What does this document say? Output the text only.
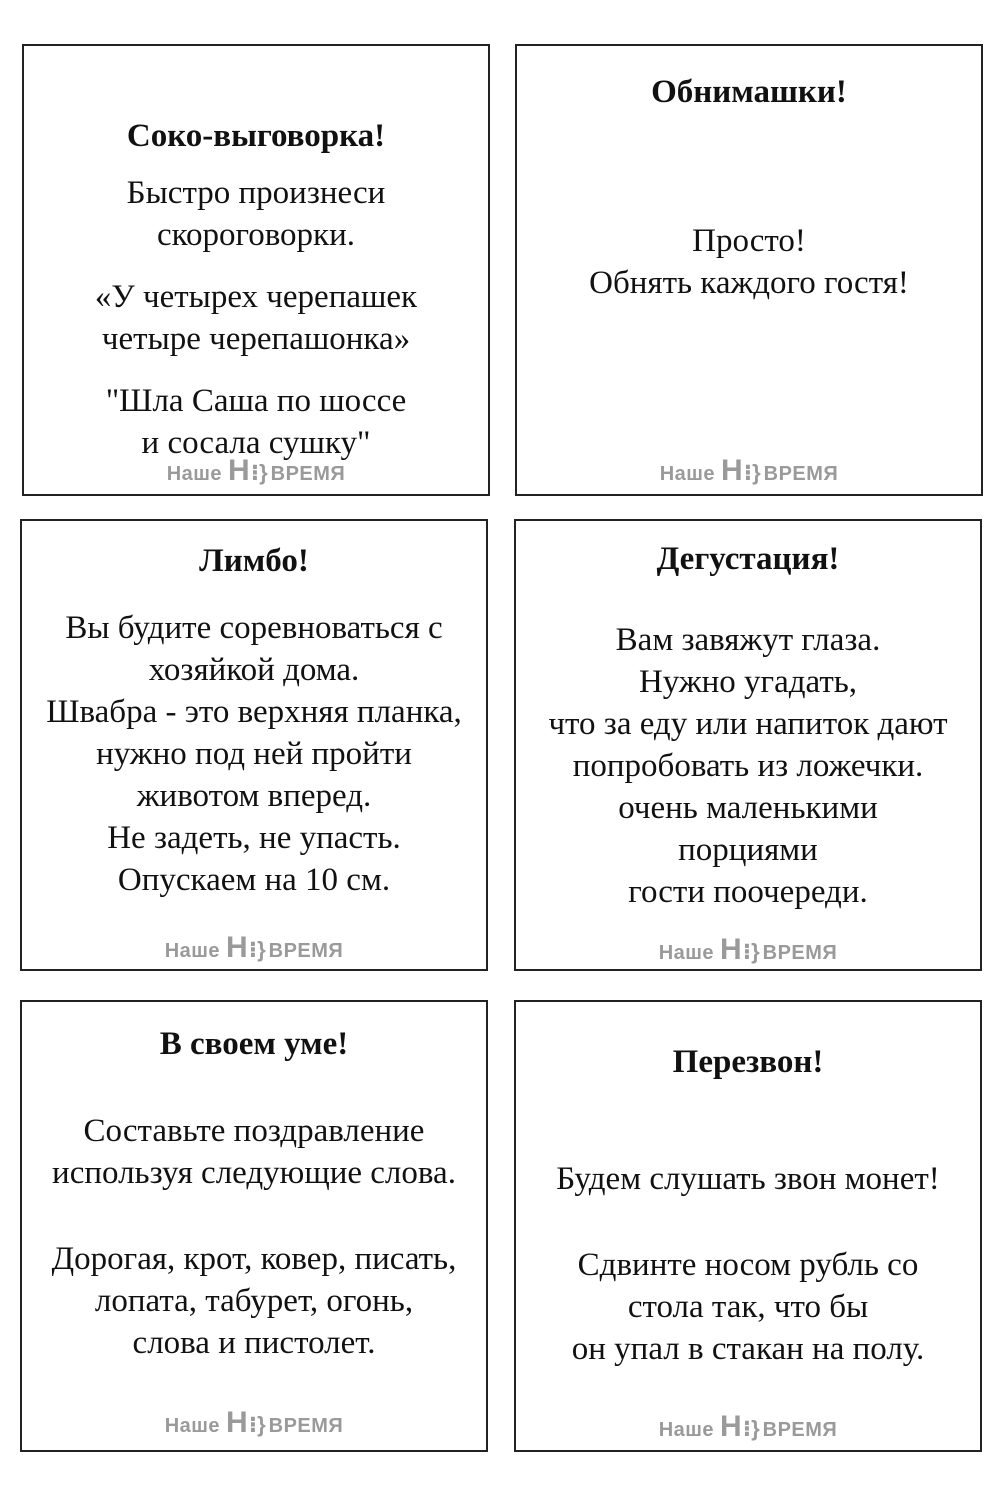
Соко-выговорка!
Быстро произнеси
скороговорки.
«У четырех черепашек
четыре черепашонка»
"Шла Саша по шоссе
и сосала сушку"
Наше Н⁝} ВРЕМЯ
Обнимашки!
Просто!
Обнять каждого гостя!
Наше Н⁝} ВРЕМЯ
Лимбо!
Вы будите соревноваться с
хозяйкой дома.
Швабра - это верхняя планка,
нужно под ней пройти
животом вперед.
Не задеть, не упасть.
Опускаем на 10 см.
Наше Н⁝} ВРЕМЯ
Дегустация!
Вам завяжут глаза.
Нужно угадать,
что за еду или напиток дают
попробовать из ложечки.
очень маленькими
порциями
гости поочереди.
Наше Н⁝} ВРЕМЯ
В своем уме!
Составьте поздравление
используя следующие слова.
Дорогая, крот, ковер, писать,
лопата, табурет, огонь,
слова и пистолет.
Наше Н⁝} ВРЕМЯ
Перезвон!
Будем слушать звон монет!
Сдвинте носом рубль со
стола так, что бы
он упал в стакан на полу.
Наше Н⁝} ВРЕМЯ
